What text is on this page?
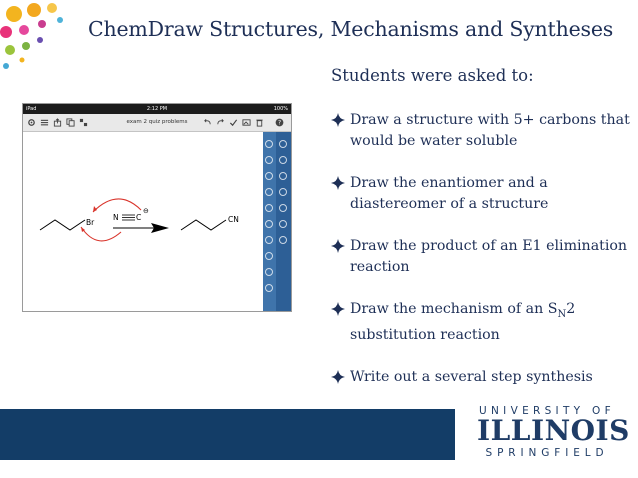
ChemDraw Structures, Mechanisms and Syntheses
iPad	2:12 PM	100%
exam 2 quiz problems	?
Br
N C
⊖
CN
Students were asked to:
Draw a structure with 5+ carbons that would be water soluble
Draw the enantiomer and a diastereomer of a structure
Draw the product of an E1 elimination reaction
Draw the mechanism of an $S_N2$ substitution reaction
Write out a several step synthesis
UNIVERSITY OF
ILLINOIS
SPRINGFIELD
